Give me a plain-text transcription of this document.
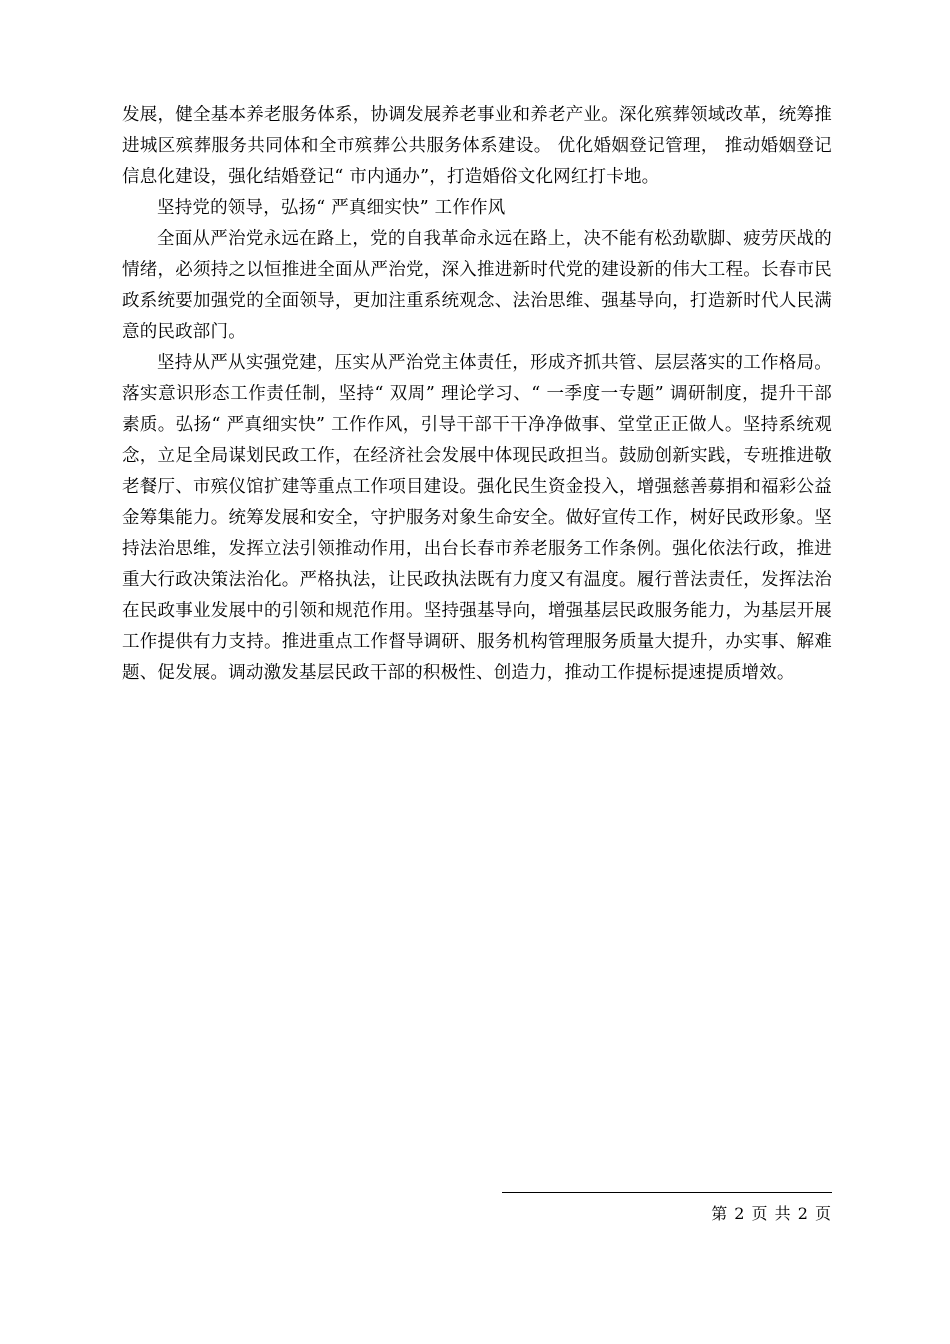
发展，健全基本养老服务体系，协调发展养老事业和养老产业。深化殡葬领域改革，统筹推进城区殡葬服务共同体和全市殡葬公共服务体系建设。 优化婚姻登记管理， 推动婚姻登记信息化建设，强化结婚登记“ 市内通办”，打造婚俗文化网红打卡地。

坚持党的领导，弘扬“ 严真细实快” 工作作风

全面从严治党永远在路上，党的自我革命永远在路上，决不能有松劲歇脚、疲劳厌战的情绪，必须持之以恒推进全面从严治党，深入推进新时代党的建设新的伟大工程。长春市民政系统要加强党的全面领导，更加注重系统观念、法治思维、强基导向，打造新时代人民满意的民政部门。

坚持从严从实强党建，压实从严治党主体责任，形成齐抓共管、层层落实的工作格局。落实意识形态工作责任制，坚持“ 双周” 理论学习、“ 一季度一专题” 调研制度，提升干部素质。弘扬“ 严真细实快” 工作作风，引导干部干干净净做事、堂堂正正做人。坚持系统观念，立足全局谋划民政工作，在经济社会发展中体现民政担当。鼓励创新实践，专班推进敬老餐厅、市殡仪馆扩建等重点工作项目建设。强化民生资金投入，增强慈善募捐和福彩公益金筹集能力。统筹发展和安全，守护服务对象生命安全。做好宣传工作，树好民政形象。坚持法治思维，发挥立法引领推动作用，出台长春市养老服务工作条例。强化依法行政，推进重大行政决策法治化。严格执法，让民政执法既有力度又有温度。履行普法责任，发挥法治在民政事业发展中的引领和规范作用。坚持强基导向，增强基层民政服务能力，为基层开展工作提供有力支持。推进重点工作督导调研、服务机构管理服务质量大提升，办实事、解难题、促发展。调动激发基层民政干部的积极性、创造力，推动工作提标提速提质增效。

第 2 页 共 2 页
